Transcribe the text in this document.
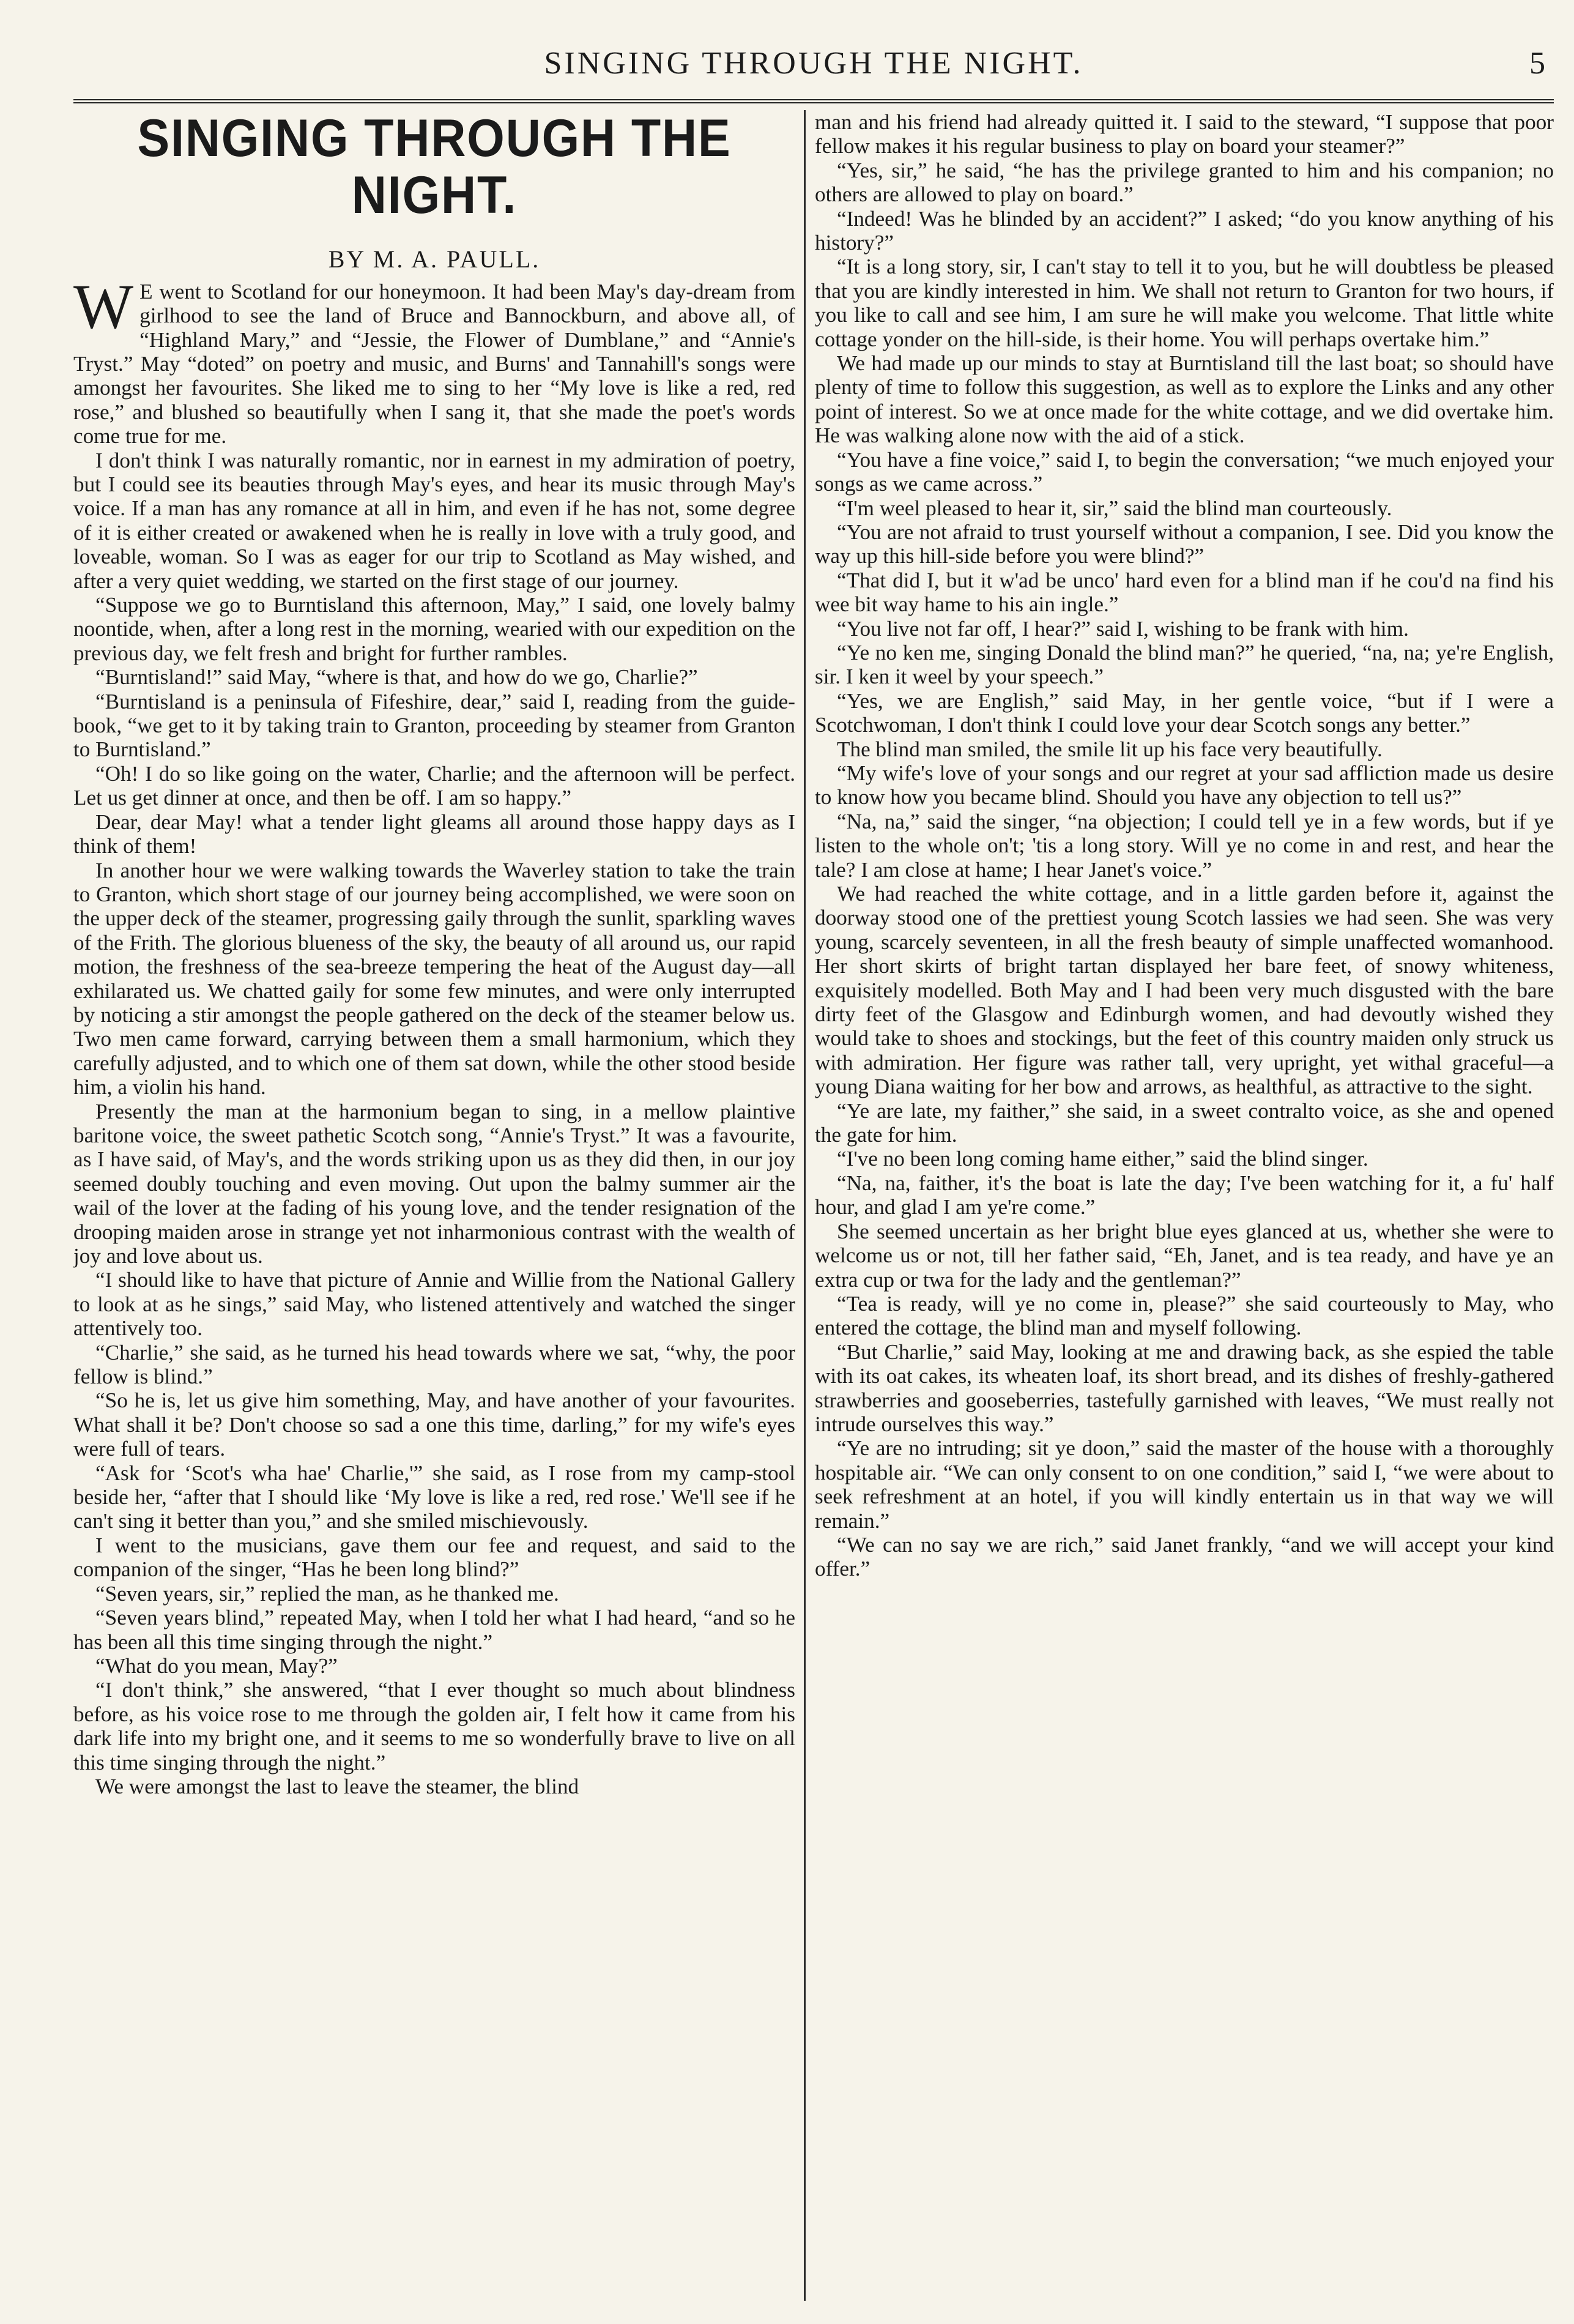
SINGING THROUGH THE NIGHT.	5
SINGING THROUGH THE NIGHT.
BY M. A. PAULL.

W E went to Scotland for our honeymoon. It had been May's day-dream from girlhood to see the land of Bruce and Bannockburn, and above all, of “Highland Mary,” and “Jessie, the Flower of Dumblane,” and “Annie's Tryst.” May “doted” on poetry and music, and Burns' and Tannahill's songs were amongst her favourites. She liked me to sing to her “My love is like a red, red rose,” and blushed so beautifully when I sang it, that she made the poet's words come true for me.

I don't think I was naturally romantic, nor in earnest in my admiration of poetry, but I could see its beauties through May's eyes, and hear its music through May's voice. If a man has any romance at all in him, and even if he has not, some degree of it is either created or awakened when he is really in love with a truly good, and loveable, woman. So I was as eager for our trip to Scotland as May wished, and after a very quiet wedding, we started on the first stage of our journey.

“Suppose we go to Burntisland this afternoon, May,” I said, one lovely balmy noontide, when, after a long rest in the morning, wearied with our expedition on the previous day, we felt fresh and bright for further rambles.

“Burntisland!” said May, “where is that, and how do we go, Charlie?”

“Burntisland is a peninsula of Fifeshire, dear,” said I, reading from the guide-book, “we get to it by taking train to Granton, proceeding by steamer from Granton to Burntisland.”

“Oh! I do so like going on the water, Charlie; and the afternoon will be perfect. Let us get dinner at once, and then be off. I am so happy.”

Dear, dear May! what a tender light gleams all around those happy days as I think of them!

In another hour we were walking towards the Waverley station to take the train to Granton, which short stage of our journey being accomplished, we were soon on the upper deck of the steamer, progressing gaily through the sunlit, sparkling waves of the Frith. The glorious blueness of the sky, the beauty of all around us, our rapid motion, the freshness of the sea-breeze tempering the heat of the August day—all exhilarated us. We chatted gaily for some few minutes, and were only interrupted by noticing a stir amongst the people gathered on the deck of the steamer below us. Two men came forward, carrying between them a small harmonium, which they carefully adjusted, and to which one of them sat down, while the other stood beside him, a violin his hand.

Presently the man at the harmonium began to sing, in a mellow plaintive baritone voice, the sweet pathetic Scotch song, “Annie's Tryst.” It was a favourite, as I have said, of May's, and the words striking upon us as they did then, in our joy seemed doubly touching and even moving. Out upon the balmy summer air the wail of the lover at the fading of his young love, and the tender resignation of the drooping maiden arose in strange yet not inharmonious contrast with the wealth of joy and love about us.

“I should like to have that picture of Annie and Willie from the National Gallery to look at as he sings,” said May, who listened attentively and watched the singer attentively too.

“Charlie,” she said, as he turned his head towards where we sat, “why, the poor fellow is blind.”

“So he is, let us give him something, May, and have another of your favourites. What shall it be? Don't choose so sad a one this time, darling,” for my wife's eyes were full of tears.

“Ask for ‘Scot's wha hae' Charlie,'” she said, as I rose from my camp-stool beside her, “after that I should like ‘My love is like a red, red rose.' We'll see if he can't sing it better than you,” and she smiled mischievously.

I went to the musicians, gave them our fee and request, and said to the companion of the singer, “Has he been long blind?”

“Seven years, sir,” replied the man, as he thanked me.

“Seven years blind,” repeated May, when I told her what I had heard, “and so he has been all this time singing through the night.”

“What do you mean, May?”

“I don't think,” she answered, “that I ever thought so much about blindness before, as his voice rose to me through the golden air, I felt how it came from his dark life into my bright one, and it seems to me so wonderfully brave to live on all this time singing through the night.”

We were amongst the last to leave the steamer, the blind

man and his friend had already quitted it. I said to the steward, “I suppose that poor fellow makes it his regular business to play on board your steamer?”

“Yes, sir,” he said, “he has the privilege granted to him and his companion; no others are allowed to play on board.”

“Indeed! Was he blinded by an accident?” I asked; “do you know anything of his history?”

“It is a long story, sir, I can't stay to tell it to you, but he will doubtless be pleased that you are kindly interested in him. We shall not return to Granton for two hours, if you like to call and see him, I am sure he will make you welcome. That little white cottage yonder on the hill-side, is their home. You will perhaps overtake him.”

We had made up our minds to stay at Burntisland till the last boat; so should have plenty of time to follow this suggestion, as well as to explore the Links and any other point of interest. So we at once made for the white cottage, and we did overtake him. He was walking alone now with the aid of a stick.

“You have a fine voice,” said I, to begin the conversation; “we much enjoyed your songs as we came across.”

“I'm weel pleased to hear it, sir,” said the blind man courteously.

“You are not afraid to trust yourself without a companion, I see. Did you know the way up this hill-side before you were blind?”

“That did I, but it w'ad be unco' hard even for a blind man if he cou'd na find his wee bit way hame to his ain ingle.”

“You live not far off, I hear?” said I, wishing to be frank with him.

“Ye no ken me, singing Donald the blind man?” he queried, “na, na; ye're English, sir. I ken it weel by your speech.”

“Yes, we are English,” said May, in her gentle voice, “but if I were a Scotchwoman, I don't think I could love your dear Scotch songs any better.”

The blind man smiled, the smile lit up his face very beautifully.

“My wife's love of your songs and our regret at your sad affliction made us desire to know how you became blind. Should you have any objection to tell us?”

“Na, na,” said the singer, “na objection; I could tell ye in a few words, but if ye listen to the whole on't; 'tis a long story. Will ye no come in and rest, and hear the tale? I am close at hame; I hear Janet's voice.”

We had reached the white cottage, and in a little garden before it, against the doorway stood one of the prettiest young Scotch lassies we had seen. She was very young, scarcely seventeen, in all the fresh beauty of simple unaffected womanhood. Her short skirts of bright tartan displayed her bare feet, of snowy whiteness, exquisitely modelled. Both May and I had been very much disgusted with the bare dirty feet of the Glasgow and Edinburgh women, and had devoutly wished they would take to shoes and stockings, but the feet of this country maiden only struck us with admiration. Her figure was rather tall, very upright, yet withal graceful—a young Diana waiting for her bow and arrows, as healthful, as attractive to the sight.

“Ye are late, my faither,” she said, in a sweet contralto voice, as she and opened the gate for him.

“I've no been long coming hame either,” said the blind singer.

“Na, na, faither, it's the boat is late the day; I've been watching for it, a fu' half hour, and glad I am ye're come.”

She seemed uncertain as her bright blue eyes glanced at us, whether she were to welcome us or not, till her father said, “Eh, Janet, and is tea ready, and have ye an extra cup or twa for the lady and the gentleman?”

“Tea is ready, will ye no come in, please?” she said courteously to May, who entered the cottage, the blind man and myself following.

“But Charlie,” said May, looking at me and drawing back, as she espied the table with its oat cakes, its wheaten loaf, its short bread, and its dishes of freshly-gathered strawberries and gooseberries, tastefully garnished with leaves, “We must really not intrude ourselves this way.”

“Ye are no intruding; sit ye doon,” said the master of the house with a thoroughly hospitable air. “We can only consent to on one condition,” said I, “we were about to seek refreshment at an hotel, if you will kindly entertain us in that way we will remain.”

“We can no say we are rich,” said Janet frankly, “and we will accept your kind offer.”
